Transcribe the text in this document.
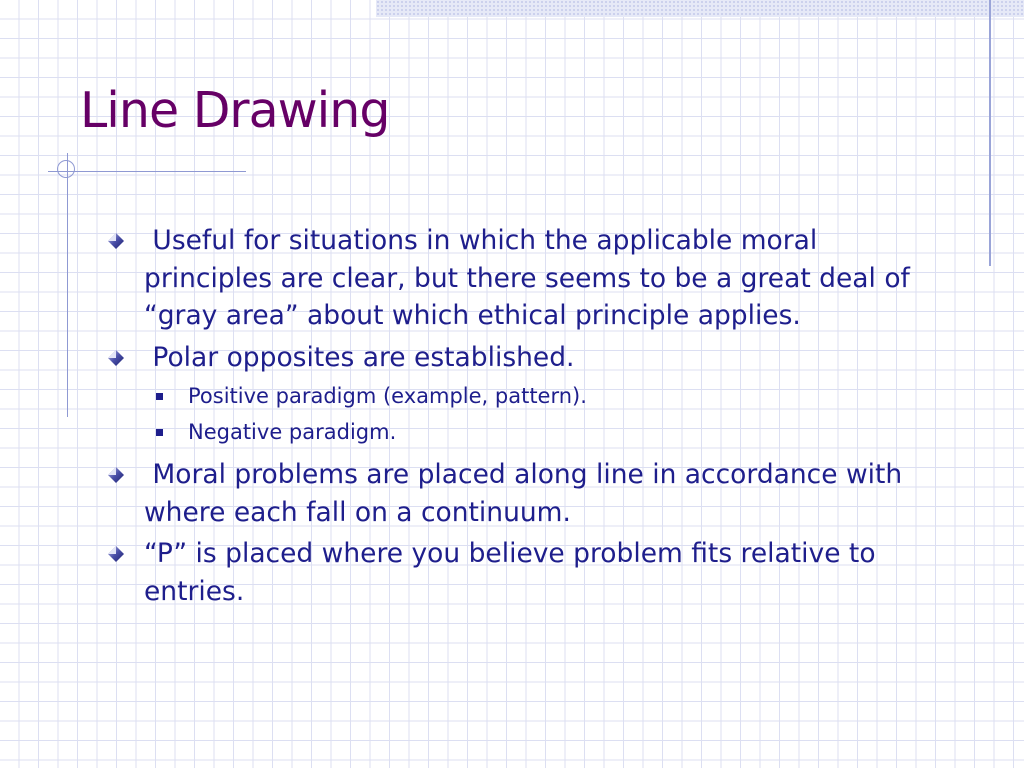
Line Drawing
Useful for situations in which the applicable moral principles are clear, but there seems to be a great deal of “gray area” about which ethical principle applies.
Polar opposites are established.
Positive paradigm (example, pattern).
Negative paradigm.
Moral problems are placed along line in accordance with where each fall on a continuum.
“P” is placed where you believe problem fits relative to entries.
